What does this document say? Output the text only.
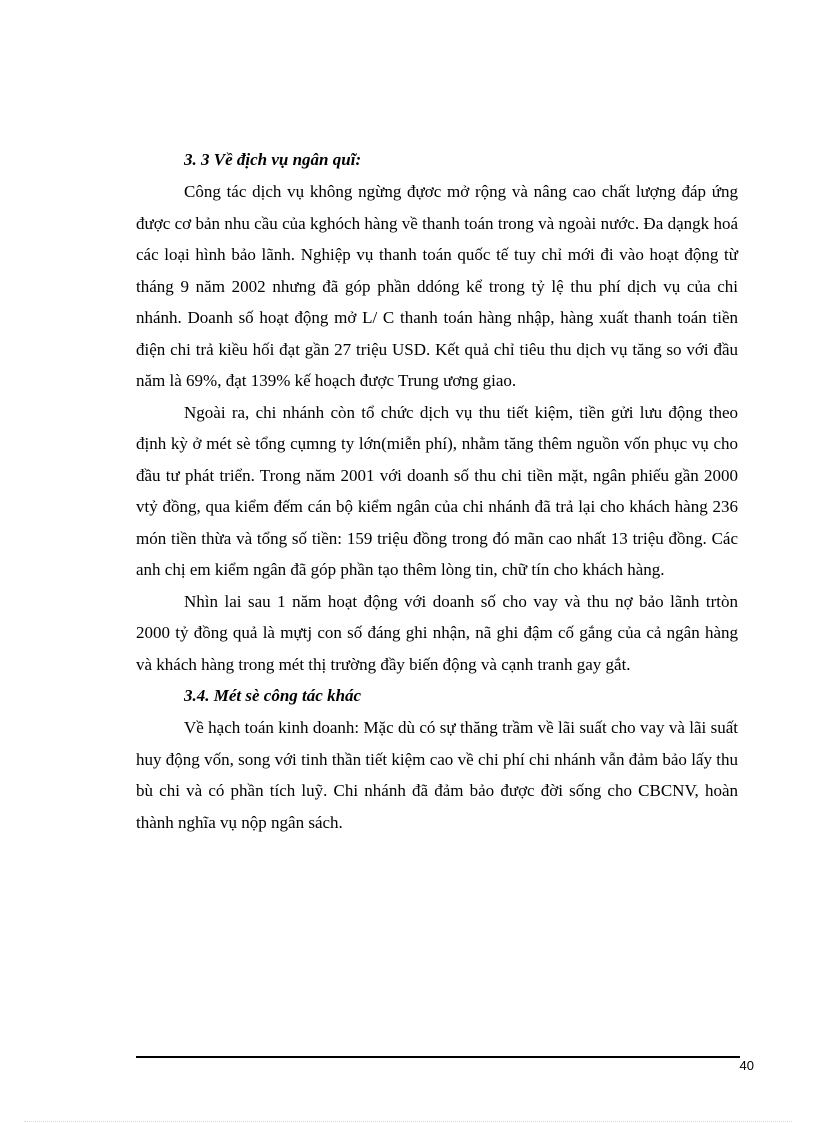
3. 3 Về địch vụ ngân quĩ:

Công tác dịch vụ không ngừng đựơc mở rộng và nâng cao chất lượng đáp ứng được cơ bản nhu cầu của kghóch hàng về thanh toán trong và ngoài nước. Đa dạngk hoá các loại hình bảo lãnh. Nghiệp vụ thanh toán quốc tế tuy chỉ mới đi vào hoạt động từ tháng 9 năm 2002 nhưng đã góp phần ddóng kể trong tỷ lệ thu phí dịch vụ của chi nhánh. Doanh số hoạt động mở L/ C thanh toán hàng nhập, hàng xuất thanh toán tiền điện chi trả kiều hối đạt gần 27 triệu USD. Kết quả chỉ tiêu thu dịch vụ tăng so với đầu năm là 69%, đạt 139% kế hoạch được Trung ương giao.

Ngoài ra, chi nhánh còn tổ chức dịch vụ thu tiết kiệm, tiền gửi lưu động theo định kỳ ở mét sè tổng cụmng ty lớn(miễn phí), nhằm tăng thêm nguồn vốn phục vụ cho đầu tư phát triển. Trong năm 2001 với doanh số thu chi tiền mặt, ngân phiếu gần 2000 vtỷ đồng, qua kiểm đếm cán bộ kiểm ngân của chi nhánh đã trả lại cho khách hàng 236 món tiền thừa và tổng số tiền: 159 triệu đồng trong đó mãn cao nhất 13 triệu đồng. Các anh chị em kiểm ngân đã góp phần tạo thêm lòng tin, chữ tín cho khách hàng.

Nhìn lai sau 1 năm hoạt động với doanh số cho vay và thu nợ bảo lãnh trtòn 2000 tỷ đồng quả là mựtj con số đáng ghi nhận, nã ghi đậm cố gắng của cả ngân hàng và khách hàng trong mét thị trường đầy biến động và cạnh tranh gay gắt.

3.4. Mét sè công tác khác

Về hạch toán kinh doanh: Mặc dù có sự thăng trầm về lãi suất cho vay và lãi suất huy động vốn, song với tinh thần tiết kiệm cao về chi phí chi nhánh vẫn đảm bảo lấy thu bù chi và có phần tích luỹ. Chi nhánh đã đảm bảo được đời sống cho CBCNV, hoàn thành nghĩa vụ nộp ngân sách.

40
